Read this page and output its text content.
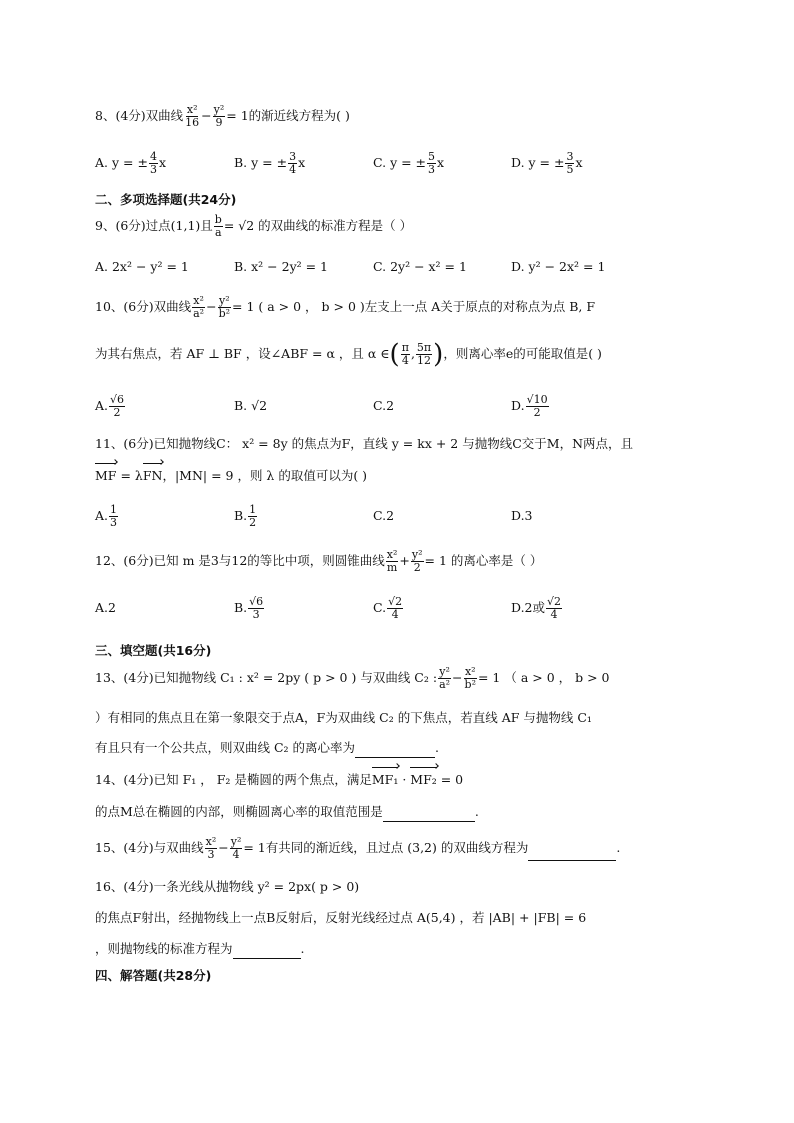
8、(4分)双曲线 $\frac{\text{x²}}{16} - \frac{\text{y²}}{9} = 1$的渐近线方程为( )
A. y = ± $\frac{4}{3}$ x	B. y = ± $\frac{3}{4}$ x	C. y = ± $\frac{5}{3}$ x	D. y = ± $\frac{3}{5}$ x
二、多项选择题(共24分)
9、(6分)过点(1,1)且 $\frac{b}{a} = √2$ 的双曲线的标准方程是（ ）
A. 2x² − y² = 1	B. x² − 2y² = 1	C. 2y² − x² = 1	D. y² − 2x² = 1
10、(6分)双曲线 $\frac{\text{x²}}{\text{a²}} - \frac{\text{y²}}{\text{b²}} = 1$ ( a > 0 ， b > 0 )左支上一点 A关于原点的对称点为点 B, F
为其右焦点，若 AF ⊥ BF ，设∠ABF = α ，且 α ∈( $\frac{\pi}{4}$ , $\frac{5\pi}{12}$ )，则离心率e的可能取值是( )
A. $\frac{√6}{2}$	B. √2	C.2	D. $\frac{√10}{2}$
11、(6分)已知抛物线C： x² = 8y 的焦点为F，直线 y = kx + 2 与抛物线C交于M，N两点，且
MF = λFN，|MN| = 9 ，则 λ 的取值可以为( )
A. $\frac{1}{3}$	B. $\frac{1}{2}$	C.2	D.3
12、(6分)已知 m 是3与12的等比中项，则圆锥曲线 $\frac{\text{x²}}{m} + \frac{\text{y²}}{2} = 1$ 的离心率是（ ）
A.2	B. $\frac{√6}{3}$	C. $\frac{√2}{4}$	D.2或 $\frac{√2}{4}$
三、填空题(共16分)
13、(4分)已知抛物线 C₁ : x² = 2py ( p > 0 ) 与双曲线 C₂ : $\frac{\text{y²}}{\text{a²}} - \frac{\text{x²}}{\text{b²}} = 1$ （ a > 0 ， b > 0
）有相同的焦点且在第一象限交于点A，F为双曲线 C₂ 的下焦点，若直线 AF 与抛物线 C₁
有且只有一个公共点，则双曲线 C₂ 的离心率为	.
14、(4分)已知 F₁ ， F₂ 是椭圆的两个焦点，满足MF₁ · MF₂ = 0
的点M总在椭圆的内部，则椭圆离心率的取值范围是	.
15、(4分)与双曲线 $\frac{\text{x²}}{3} - \frac{\text{y²}}{4} = 1$有共同的渐近线，且过点 (3,2) 的双曲线方程为	.
16、(4分)一条光线从抛物线 y² = 2px( p > 0)
的焦点F射出，经抛物线上一点B反射后，反射光线经过点 A(5,4) ，若 |AB| + |FB| = 6
，则抛物线的标准方程为	.
四、解答题(共28分)
